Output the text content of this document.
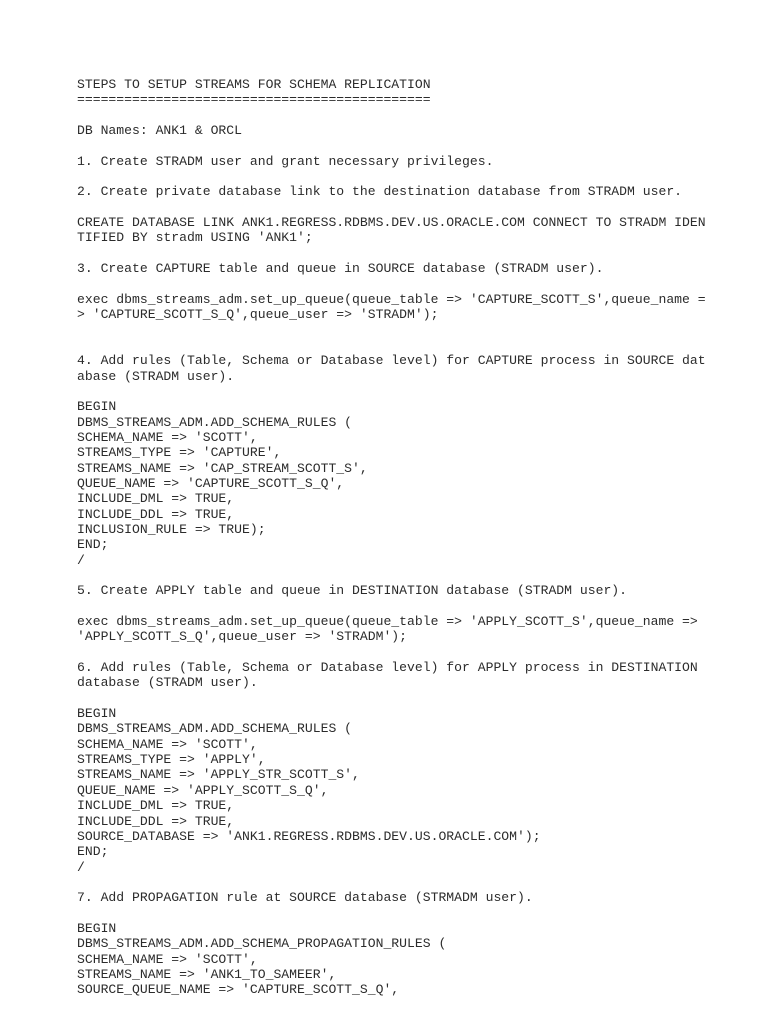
STEPS TO SETUP STREAMS FOR SCHEMA REPLICATION
=============================================
DB Names: ANK1 & ORCL
1. Create STRADM user and grant necessary privileges.
2. Create private database link to the destination database from STRADM user.
CREATE DATABASE LINK ANK1.REGRESS.RDBMS.DEV.US.ORACLE.COM CONNECT TO STRADM IDEN
TIFIED BY stradm USING 'ANK1';
3. Create CAPTURE table and queue in SOURCE database (STRADM user).
exec dbms_streams_adm.set_up_queue(queue_table => 'CAPTURE_SCOTT_S',queue_name =
> 'CAPTURE_SCOTT_S_Q',queue_user => 'STRADM');
4. Add rules (Table, Schema or Database level) for CAPTURE process in SOURCE dat
abase (STRADM user).
BEGIN
DBMS_STREAMS_ADM.ADD_SCHEMA_RULES (
SCHEMA_NAME => 'SCOTT',
STREAMS_TYPE => 'CAPTURE',
STREAMS_NAME => 'CAP_STREAM_SCOTT_S',
QUEUE_NAME => 'CAPTURE_SCOTT_S_Q',
INCLUDE_DML => TRUE,
INCLUDE_DDL => TRUE,
INCLUSION_RULE => TRUE);
END;
/
5. Create APPLY table and queue in DESTINATION database (STRADM user).
exec dbms_streams_adm.set_up_queue(queue_table => 'APPLY_SCOTT_S',queue_name =>
'APPLY_SCOTT_S_Q',queue_user => 'STRADM');
6. Add rules (Table, Schema or Database level) for APPLY process in DESTINATION
database (STRADM user).
BEGIN
DBMS_STREAMS_ADM.ADD_SCHEMA_RULES (
SCHEMA_NAME => 'SCOTT',
STREAMS_TYPE => 'APPLY',
STREAMS_NAME => 'APPLY_STR_SCOTT_S',
QUEUE_NAME => 'APPLY_SCOTT_S_Q',
INCLUDE_DML => TRUE,
INCLUDE_DDL => TRUE,
SOURCE_DATABASE => 'ANK1.REGRESS.RDBMS.DEV.US.ORACLE.COM');
END;
/
7. Add PROPAGATION rule at SOURCE database (STRMADM user).
BEGIN
DBMS_STREAMS_ADM.ADD_SCHEMA_PROPAGATION_RULES (
SCHEMA_NAME => 'SCOTT',
STREAMS_NAME => 'ANK1_TO_SAMEER',
SOURCE_QUEUE_NAME => 'CAPTURE_SCOTT_S_Q',
